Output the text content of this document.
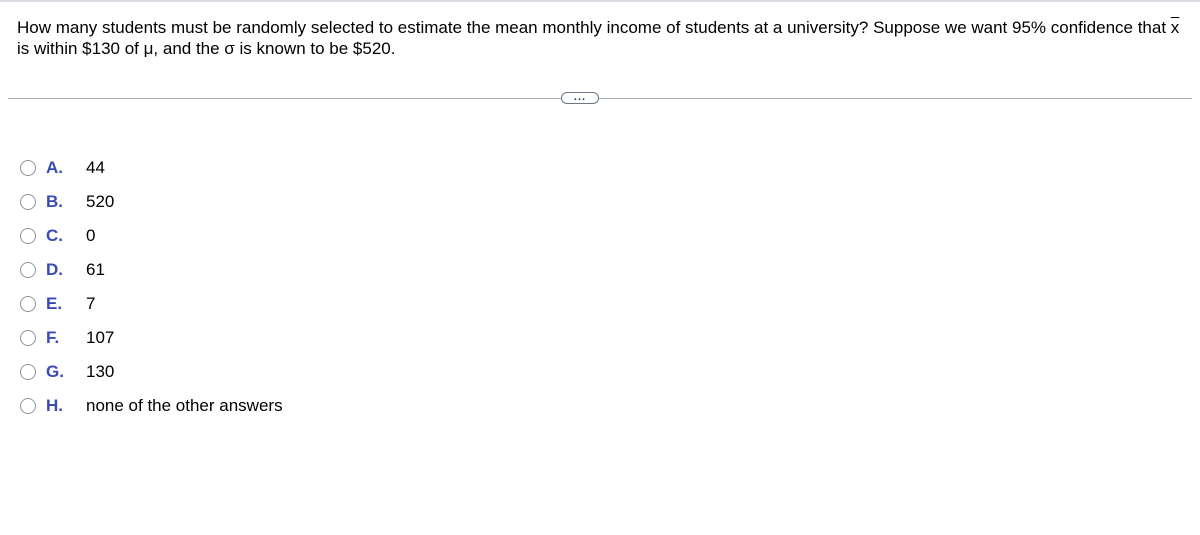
How many students must be randomly selected to estimate the mean monthly income of students at a university? Suppose we want 95% confidence that $\overline{x}$ is within $130 of μ, and the σ is known to be $520.
...
A.	44
B.	520
C.	0
D.	61
E.	7
F.	107
G.	130
H.	none of the other answers
